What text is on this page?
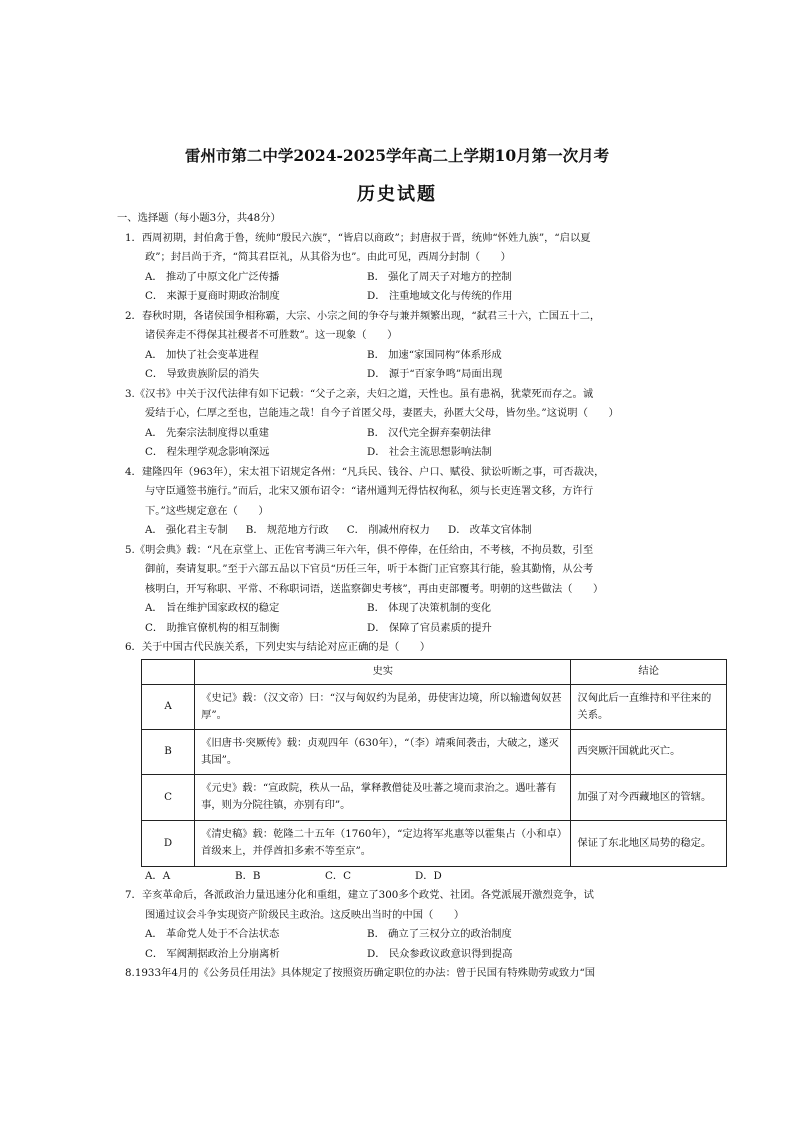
雷州市第二中学2024-2025学年高二上学期10月第一次月考
历史试题
一、选择题（每小题3分，共48分）
1．西周初期，封伯禽于鲁，统帅“殷民六族”，“皆启以商政”；封唐叔于晋，统帅“怀姓九族”，“启以夏
政”；封吕尚于齐，“简其君臣礼，从其俗为也”。由此可见，西周分封制（　　）
A． 推动了中原文化广泛传播	B． 强化了周天子对地方的控制
C． 来源于夏商时期政治制度	D． 注重地域文化与传统的作用
2．春秋时期，各诸侯国争相称霸，大宗、小宗之间的争夺与兼并频繁出现，“弑君三十六，亡国五十二，
诸侯奔走不得保其社稷者不可胜数”。这一现象（　　）
A． 加快了社会变革进程	B． 加速“家国同构”体系形成
C． 导致贵族阶层的消失	D． 源于“百家争鸣”局面出现
3.《汉书》中关于汉代法律有如下记载：“父子之亲，夫妇之道，天性也。虽有患祸，犹蒙死而存之。诚
爱结于心，仁厚之至也，岂能违之哉！自今子首匿父母，妻匿夫，孙匿大父母，皆勿坐。”这说明（　　）
A． 先秦宗法制度得以重建	B． 汉代完全摒弃秦朝法律
C． 程朱理学观念影响深远	D． 社会主流思想影响法制
4．建隆四年（963年），宋太祖下诏规定各州：“凡兵民、钱谷、户口、赋役、狱讼听断之事，可否裁决，
与守臣通签书施行。”而后，北宋又颁布诏令：“诸州通判无得怙权徇私，须与长吏连署文移，方许行
下。”这些规定意在（　　）
A． 强化君主专制 B． 规范地方行政 C． 削减州府权力 D． 改革文官体制
5.《明会典》载：“凡在京堂上、正佐官考满三年六年，俱不停俸，在任给由，不考核，不拘员数，引至
御前，奏请复职。”至于六部五品以下官员“历任三年，听于本衙门正官察其行能，验其勤惰，从公考
核明白，开写称职、平常、不称职词语，送监察御史考核”，再由吏部覆考。明朝的这些做法（　　）
A． 旨在维护国家政权的稳定	B． 体现了决策机制的变化
C． 助推官僚机构的相互制衡	D． 保障了官员素质的提升
6．关于中国古代民族关系，下列史实与结论对应正确的是（　　）
	史实	结论
A	《史记》载：（汉文帝）曰：“汉与匈奴约为昆弟，毋使害边境，所以输遗匈奴甚厚”。	汉匈此后一直维持和平往来的关系。
B	《旧唐书·突厥传》载：贞观四年（630年），“（李）靖乘间袭击，大破之，遂灭其国”。	西突厥汗国就此灭亡。
C	《元史》载：“宣政院，秩从一品，掌释教僧徒及吐蕃之境而隶治之。遇吐蕃有事，则为分院往镇，亦别有印”。	加强了对今西藏地区的管辖。
D	《清史稿》载：乾隆二十五年（1760年），“定边将军兆惠等以霍集占（小和卓）首级来上，并俘酋扣多索不等至京”。	保证了东北地区局势的稳定。
A．A	B．B	C．C	D．D
7．辛亥革命后，各派政治力量迅速分化和重组，建立了300多个政党、社团。各党派展开激烈竞争，试
图通过议会斗争实现资产阶级民主政治。这反映出当时的中国（　　）
A． 革命党人处于不合法状态	B． 确立了三权分立的政治制度
C． 军阀割据政治上分崩离析	D． 民众参政议政意识得到提高
8.1933年4月的《公务员任用法》具体规定了按照资历确定职位的办法：曾于民国有特殊勋劳或致力“国
